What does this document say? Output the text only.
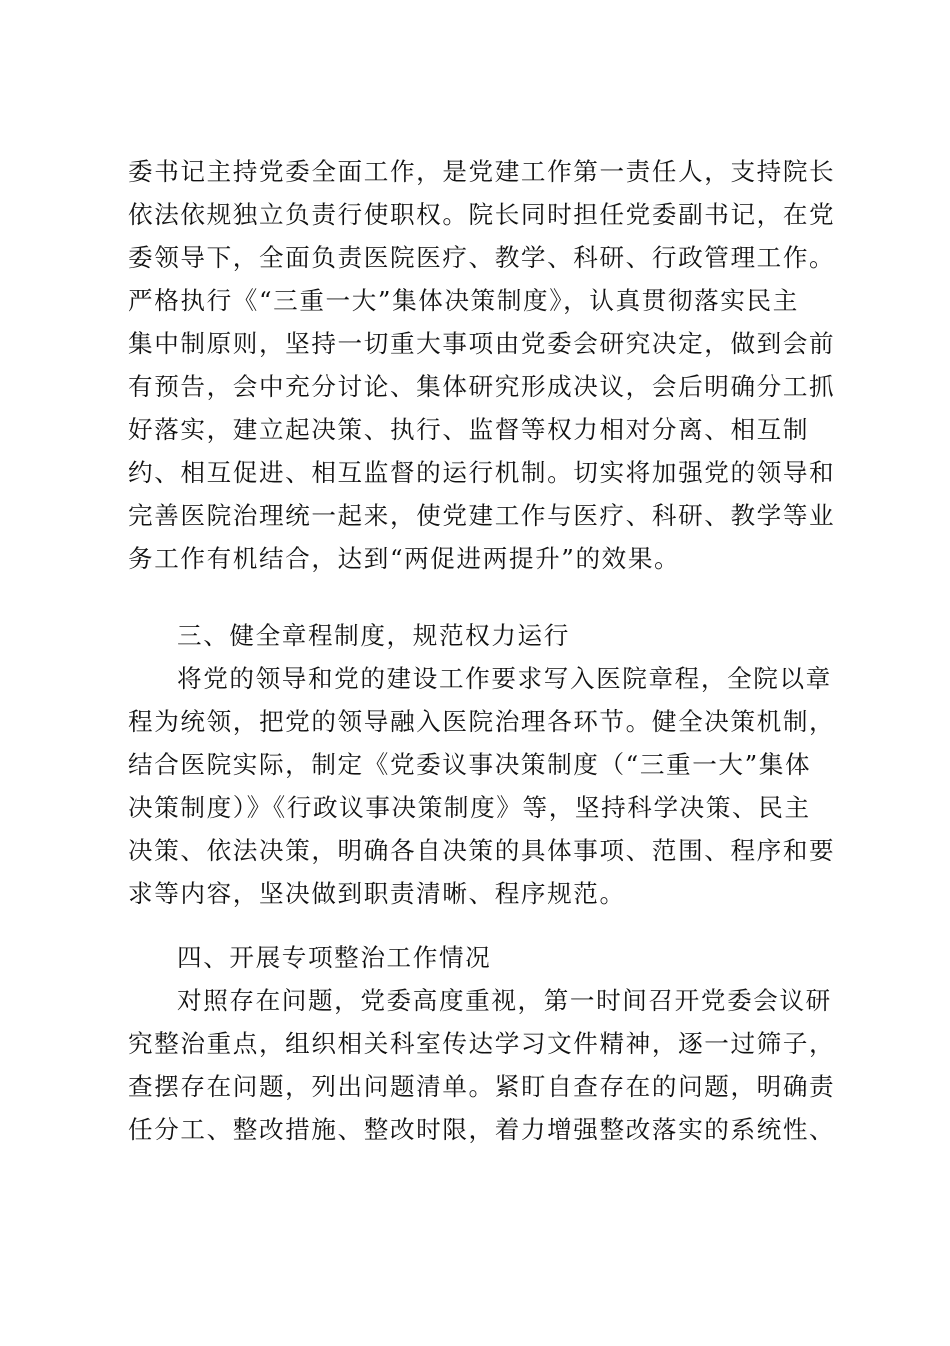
委书记主持党委全面工作，是党建工作第一责任人，支持院长
依法依规独立负责行使职权。院长同时担任党委副书记，在党
委领导下，全面负责医院医疗、教学、科研、行政管理工作。
严格执行《“三重一大”集体决策制度》，认真贯彻落实民主
集中制原则，坚持一切重大事项由党委会研究决定，做到会前
有预告，会中充分讨论、集体研究形成决议，会后明确分工抓
好落实，建立起决策、执行、监督等权力相对分离、相互制
约、相互促进、相互监督的运行机制。切实将加强党的领导和
完善医院治理统一起来，使党建工作与医疗、科研、教学等业
务工作有机结合，达到“两促进两提升”的效果。
三、健全章程制度，规范权力运行
将党的领导和党的建设工作要求写入医院章程，全院以章
程为统领，把党的领导融入医院治理各环节。健全决策机制，
结合医院实际，制定《党委议事决策制度（“三重一大”集体
决策制度）》《行政议事决策制度》等，坚持科学决策、民主
决策、依法决策，明确各自决策的具体事项、范围、程序和要
求等内容，坚决做到职责清晰、程序规范。
四、开展专项整治工作情况
对照存在问题，党委高度重视，第一时间召开党委会议研
究整治重点，组织相关科室传达学习文件精神，逐一过筛子，
查摆存在问题，列出问题清单。紧盯自查存在的问题，明确责
任分工、整改措施、整改时限，着力增强整改落实的系统性、
